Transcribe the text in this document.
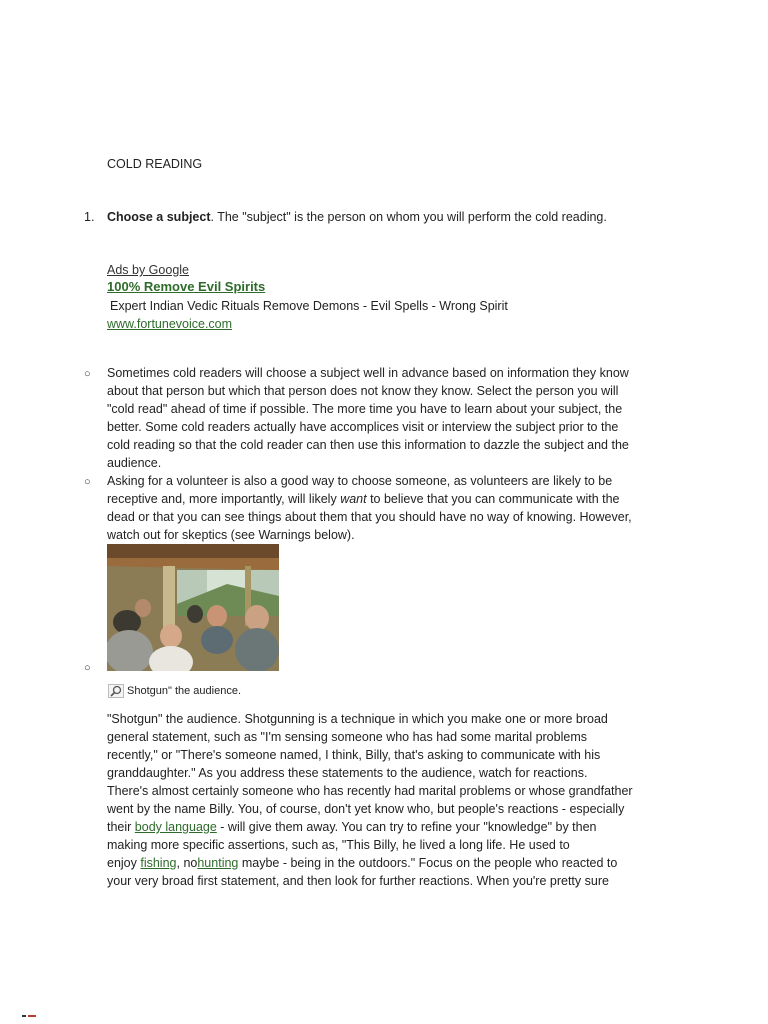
COLD READING
1. Choose a subject. The "subject" is the person on whom you will perform the cold reading.
Ads by Google
100% Remove Evil Spirits
Expert Indian Vedic Rituals Remove Demons - Evil Spells - Wrong Spirit
www.fortunevoice.com
○ Sometimes cold readers will choose a subject well in advance based on information they know
about that person but which that person does not know they know. Select the person you will
"cold read" ahead of time if possible. The more time you have to learn about your subject, the
better. Some cold readers actually have accomplices visit or interview the subject prior to the
cold reading so that the cold reader can then use this information to dazzle the subject and the
audience.
○ Asking for a volunteer is also a good way to choose someone, as volunteers are likely to be
receptive and, more importantly, will likely want to believe that you can communicate with the
dead or that you can see things about them that you should have no way of knowing. However,
watch out for skeptics (see Warnings below).
○
Shotgun" the audience.
"Shotgun" the audience. Shotgunning is a technique in which you make one or more broad
general statement, such as "I'm sensing someone who has had some marital problems
recently," or "There's someone named, I think, Billy, that's asking to communicate with his
granddaughter." As you address these statements to the audience, watch for reactions.
There's almost certainly someone who has recently had marital problems or whose grandfather
went by the name Billy. You, of course, don't yet know who, but people's reactions - especially
their body language - will give them away. You can try to refine your "knowledge" by then
making more specific assertions, such as, "This Billy, he lived a long life. He used to
enjoy fishing, nohunting maybe - being in the outdoors." Focus on the people who reacted to
your very broad first statement, and then look for further reactions. When you're pretty sure
